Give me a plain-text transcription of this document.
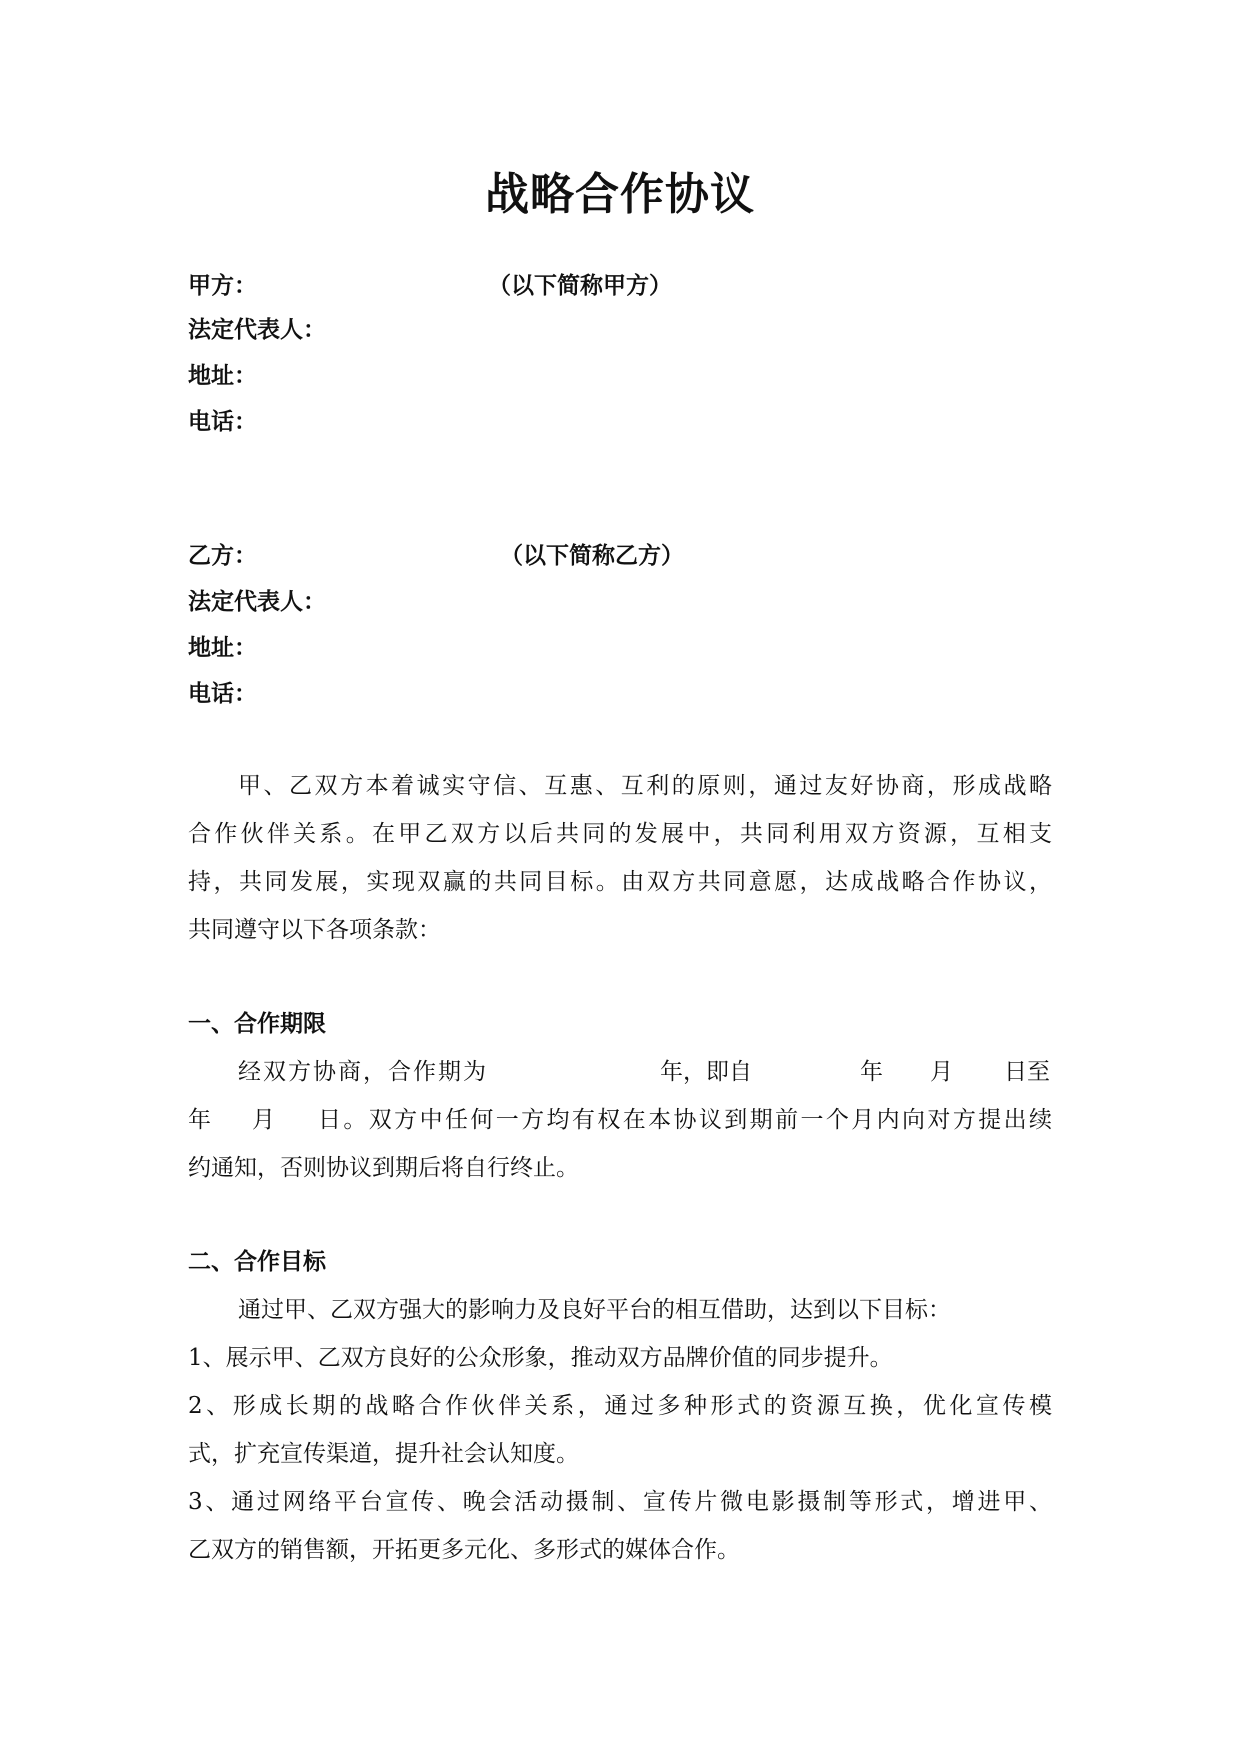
战略合作协议
甲方：	（以下简称甲方）
法定代表人：
地址：
电话：
乙方：	（以下简称乙方）
法定代表人：
地址：
电话：
甲、乙双方本着诚实守信、互惠、互利的原则，通过友好协商，形成战略
合作伙伴关系。在甲乙双方以后共同的发展中，共同利用双方资源，互相支
持，共同发展，实现双赢的共同目标。由双方共同意愿，达成战略合作协议，
共同遵守以下各项条款：
一、合作期限
经双方协商，合作期为	年，即自	年 月 日至
年 月 日。双方中任何一方均有权在本协议到期前一个月内向对方提出续
约通知，否则协议到期后将自行终止。
二、合作目标
通过甲、乙双方强大的影响力及良好平台的相互借助，达到以下目标：
1、展示甲、乙双方良好的公众形象，推动双方品牌价值的同步提升。
2、形成长期的战略合作伙伴关系，通过多种形式的资源互换，优化宣传模
式，扩充宣传渠道，提升社会认知度。
3、通过网络平台宣传、晚会活动摄制、宣传片微电影摄制等形式，增进甲、
乙双方的销售额，开拓更多元化、多形式的媒体合作。
